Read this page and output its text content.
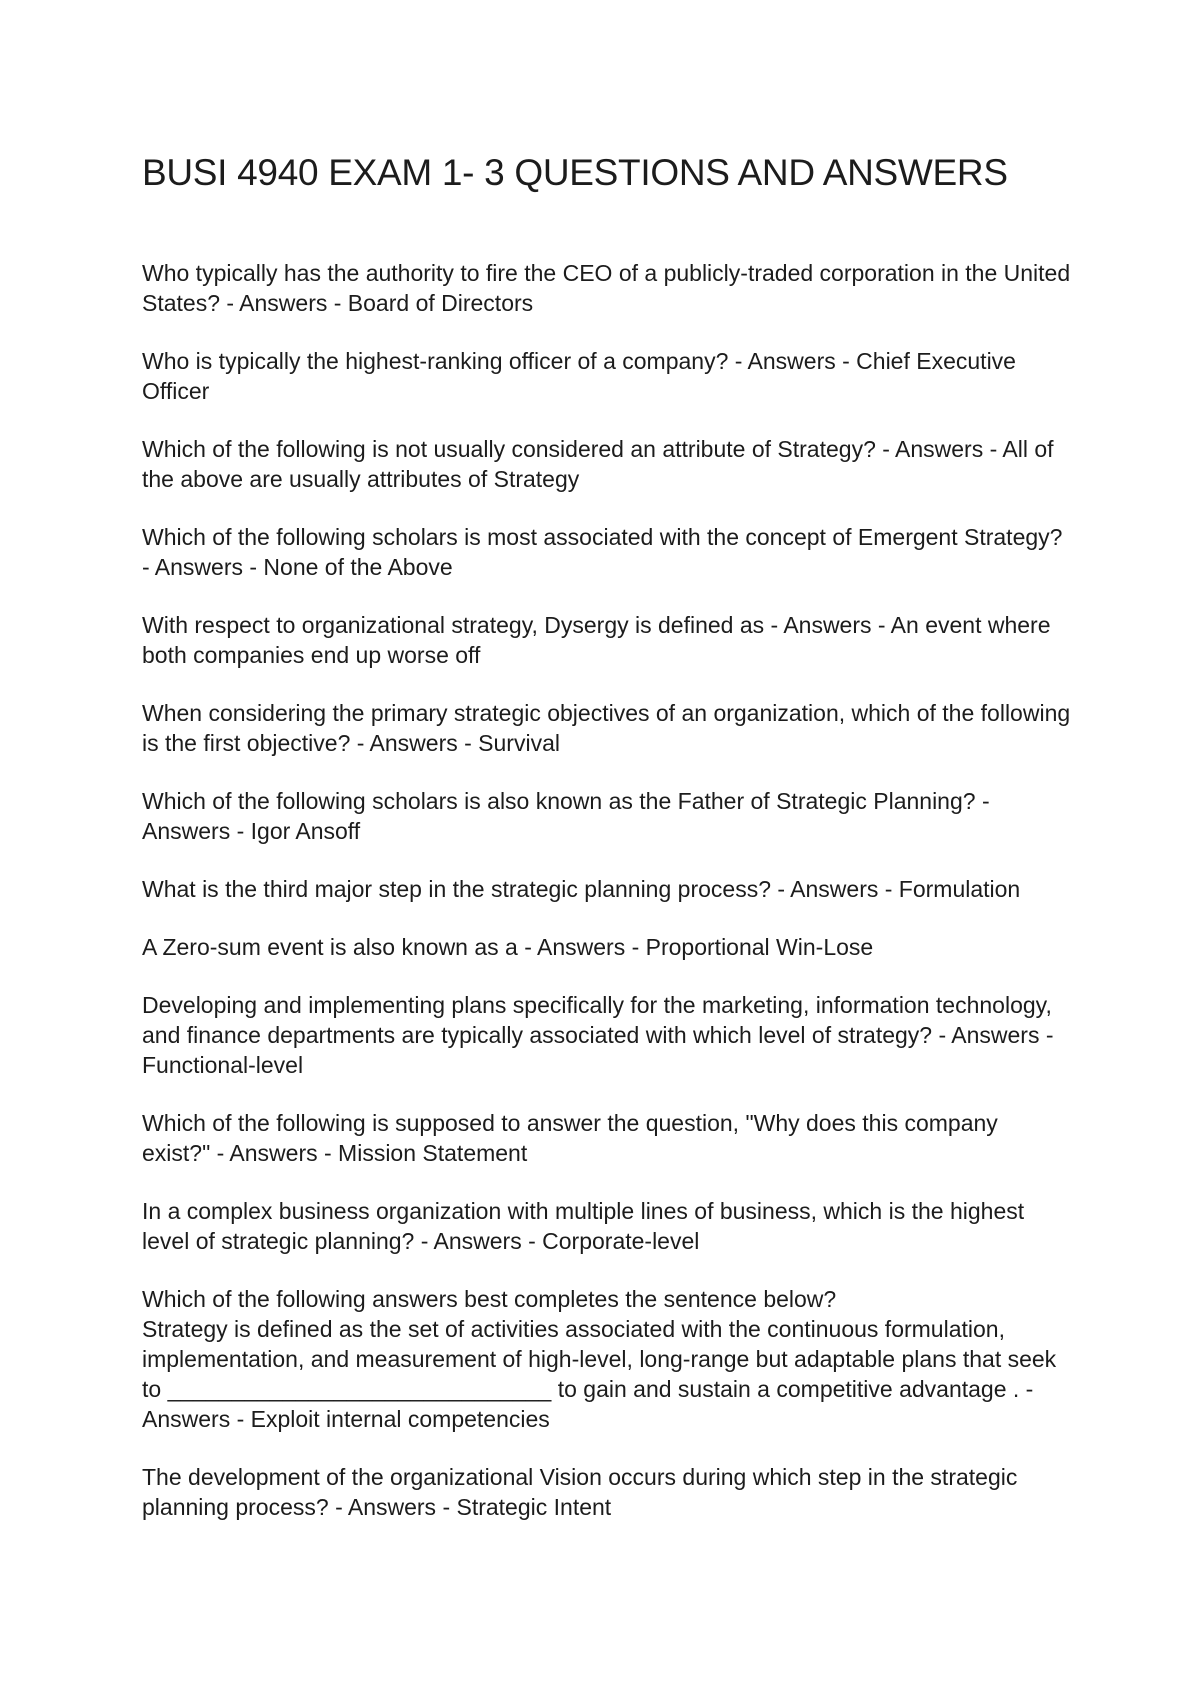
BUSI 4940 EXAM 1- 3 QUESTIONS AND ANSWERS

Who typically has the authority to fire the CEO of a publicly-traded corporation in the United States? - Answers - Board of Directors

Who is typically the highest-ranking officer of a company? - Answers - Chief Executive Officer

Which of the following is not usually considered an attribute of Strategy? - Answers - All of the above are usually attributes of Strategy

Which of the following scholars is most associated with the concept of Emergent Strategy? - Answers - None of the Above

With respect to organizational strategy, Dysergy is defined as - Answers - An event where both companies end up worse off

When considering the primary strategic objectives of an organization, which of the following is the first objective? - Answers - Survival

Which of the following scholars is also known as the Father of Strategic Planning? - Answers - Igor Ansoff

What is the third major step in the strategic planning process? - Answers - Formulation

A Zero-sum event is also known as a - Answers - Proportional Win-Lose

Developing and implementing plans specifically for the marketing, information technology, and finance departments are typically associated with which level of strategy? - Answers - Functional-level

Which of the following is supposed to answer the question, "Why does this company exist?" - Answers - Mission Statement

In a complex business organization with multiple lines of business, which is the highest level of strategic planning? - Answers - Corporate-level

Which of the following answers best completes the sentence below?
Strategy is defined as the set of activities associated with the continuous formulation, implementation, and measurement of high-level, long-range but adaptable plans that seek to ______________________________ to gain and sustain a competitive advantage . - Answers - Exploit internal competencies

The development of the organizational Vision occurs during which step in the strategic planning process? - Answers - Strategic Intent
